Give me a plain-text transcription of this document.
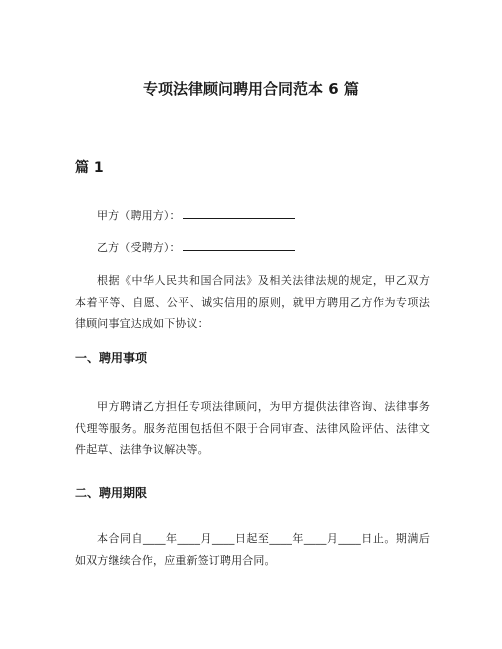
专项法律顾问聘用合同范本 6 篇
篇 1

甲方（聘用方）：

乙方（受聘方）：

根据《中华人民共和国合同法》及相关法律法规的规定，甲乙双方本着平等、自愿、公平、诚实信用的原则，就甲方聘用乙方作为专项法律顾问事宜达成如下协议：

一、聘用事项

甲方聘请乙方担任专项法律顾问，为甲方提供法律咨询、法律事务代理等服务。服务范围包括但不限于合同审查、法律风险评估、法律文件起草、法律争议解决等。

二、聘用期限

本合同自____年____月____日起至____年____月____日止。期满后如双方继续合作，应重新签订聘用合同。
